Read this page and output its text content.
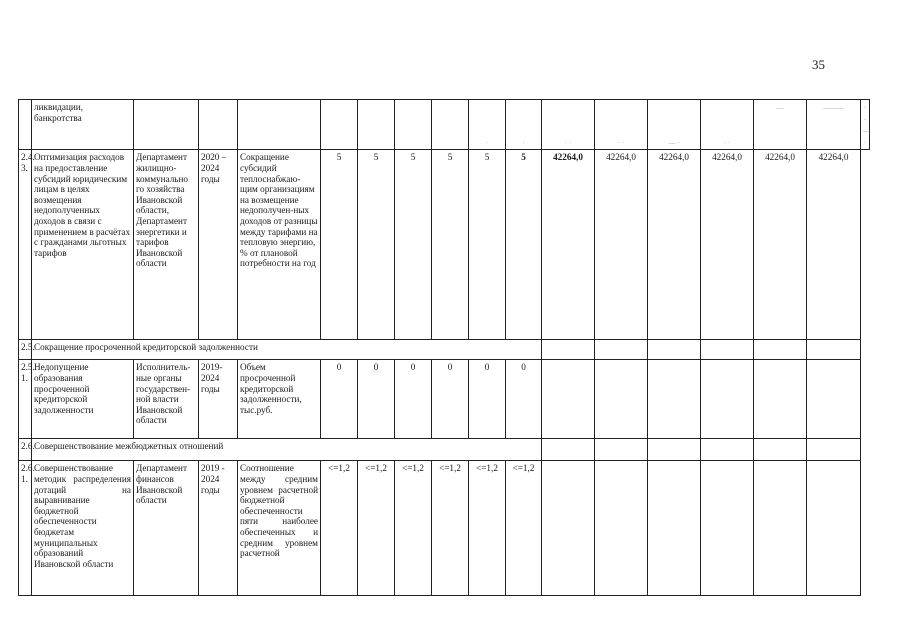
35
	ликвидации, банкротства								·	·	· ·	· ·	— ·	· ·	—	———	· ·—·
2.4. 3.	Оптимизация расходов на предоставление субсидий юридическим лицам в целях возмещения недополученных доходов в связи с применением в расчётах с гражданами льготных тарифов	Департамент жилищно-коммунально го хозяйства Ивановской области, Департамент энергетики и тарифов Ивановской области	2020 – 2024 годы	Сокращение субсидий теплоснабжаю-щим организациям на возмещение недополучен-ных доходов от разницы между тарифами на тепловую энергию, % от плановой потребности на год	5	5	5	5	5	5	42264,0	42264,0	42264,0	42264,0	42264,0	42264,0	
2.5.	Сокращение просроченной кредиторской задолженности																
2.5. 1.	Недопущение образования просроченной кредиторской задолженности	Исполнитель-ные органы государствен-ной власти Ивановской области	2019- 2024 годы	Объем просроченной кредиторской задолженности, тыс.руб.	0	0	0	0	0	0							
2.6.	Совершенствование межбюджетных отношений																
2.6. 1.	Совершенствование методик распределения дотаций на выравнивание бюджетной обеспеченности бюджетам муниципальных образований Ивановской области	Департамент финансов Ивановской области	2019 - 2024 годы	Соотношение между средним уровнем расчетной бюджетной обеспеченности пяти наиболее обеспеченных и средним уровнем расчетной	<=1,2	<=1,2	<=1,2	<=1,2	<=1,2	<=1,2							
